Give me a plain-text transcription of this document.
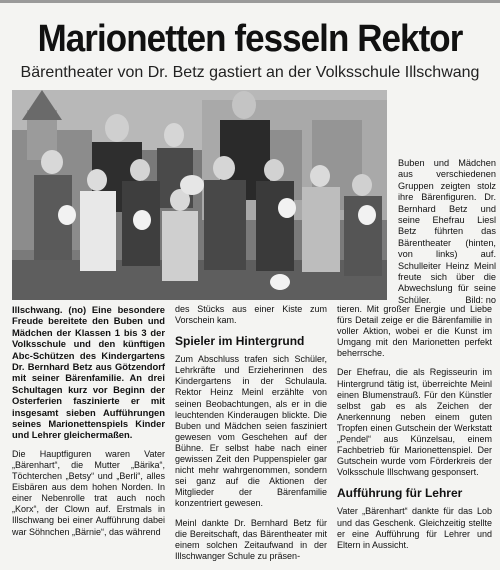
Marionetten fesseln Rektor
Bärentheater von Dr. Betz gastiert an der Volksschule Illschwang
Buben und Mädchen aus verschiedenen Gruppen zeigten stolz ihre Bärenfiguren. Dr. Bernhard Betz und seine Ehefrau Liesl Betz führten das Bärentheater (hinten, von links) auf. Schulleiter Heinz Meinl freute sich über die Abwechslung für seine Schüler.	Bild: no

Illschwang. (no) Eine besondere Freude bereitete den Buben und Mädchen der Klassen 1 bis 3 der Volksschule und den künftigen Abc-Schützen des Kindergartens Dr. Bernhard Betz aus Götzendorf mit seiner Bärenfamilie. An drei Schultagen kurz vor Beginn der Osterferien faszinierte er mit insgesamt sieben Aufführungen seines Marionettenspiels Kinder und Lehrer gleichermaßen.

Die Hauptfiguren waren Vater „Bärenhart“, die Mutter „Bärika“, Töchterchen „Betsy“ und „Berli“, alles Eisbären aus dem hohen Norden. In einer Nebenrolle trat auch noch „Korx“, der Clown auf. Erstmals in Illschwang bei einer Aufführung dabei war Söhnchen „Bärnie“, das während

des Stücks aus einer Kiste zum Vorschein kam.

Spieler im Hintergrund

Zum Abschluss trafen sich Schüler, Lehrkräfte und Erzieherinnen des Kindergartens in der Schulaula. Rektor Heinz Meinl erzählte von seinen Beobachtungen, als er in die leuchtenden Kinderaugen blickte. Die Buben und Mädchen seien fasziniert gewesen vom Geschehen auf der Bühne. Er selbst habe nach einer gewissen Zeit den Puppenspieler gar nicht mehr wahrgenommen, sondern sei ganz auf die Aktionen der Mitglieder der Bärenfamilie konzentriert gewesen.

Meinl dankte Dr. Bernhard Betz für die Bereitschaft, das Bärentheater mit einem solchen Zeitaufwand in der Illschwanger Schule zu präsen-

tieren. Mit großer Energie und Liebe fürs Detail zeige er die Bärenfamilie in voller Aktion, wobei er die Kunst im Umgang mit den Marionetten perfekt beherrsche.

Der Ehefrau, die als Regisseurin im Hintergrund tätig ist, überreichte Meinl einen Blumenstrauß. Für den Künstler selbst gab es als Zeichen der Anerkennung neben einem guten Tropfen einen Gutschein der Werkstatt „Pendel“ aus Künzelsau, einem Fachbetrieb für Marionettenspiel. Der Gutschein wurde vom Förderkreis der Volksschule Illschwang gesponsert.

Aufführung für Lehrer

Vater „Bärenhart“ dankte für das Lob und das Geschenk. Gleichzeitig stellte er eine Aufführung für Lehrer und Eltern in Aussicht.
